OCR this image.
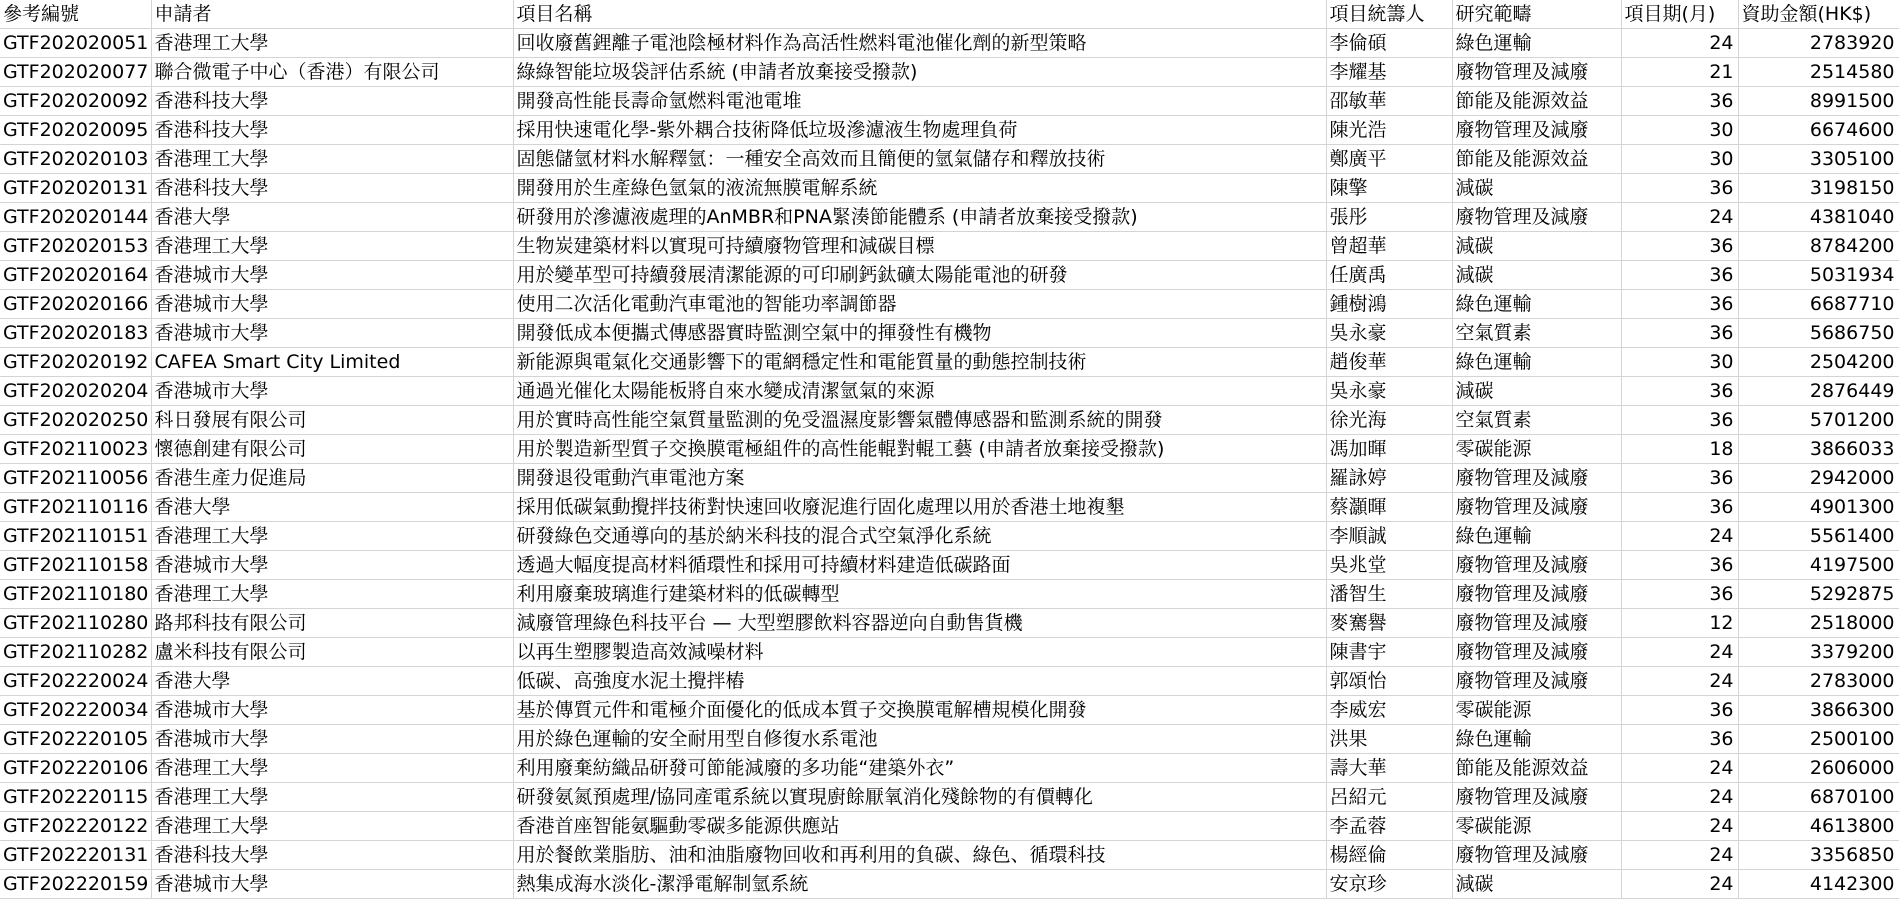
參考編號	申請者	項目名稱	項目統籌人	研究範疇	項目期(月)	資助金額(HK$)
GTF202020051	香港理工大學	回收廢舊鋰離子電池陰極材料作為高活性燃料電池催化劑的新型策略	李倫碩	綠色運輸	24	2783920
GTF202020077	聯合微電子中心（香港）有限公司	綠綠智能垃圾袋評估系統 (申請者放棄接受撥款)	李耀基	廢物管理及減廢	21	2514580
GTF202020092	香港科技大學	開發高性能長壽命氫燃料電池電堆	邵敏華	節能及能源效益	36	8991500
GTF202020095	香港科技大學	採用快速電化學-紫外耦合技術降低垃圾滲濾液生物處理負荷	陳光浩	廢物管理及減廢	30	6674600
GTF202020103	香港理工大學	固態儲氫材料水解釋氫：一種安全高效而且簡便的氫氣儲存和釋放技術	鄭廣平	節能及能源效益	30	3305100
GTF202020131	香港科技大學	開發用於生產綠色氫氣的液流無膜電解系統	陳擎	減碳	36	3198150
GTF202020144	香港大學	研發用於滲濾液處理的AnMBR和PNA緊湊節能體系 (申請者放棄接受撥款)	張彤	廢物管理及減廢	24	4381040
GTF202020153	香港理工大學	生物炭建築材料以實現可持續廢物管理和減碳目標	曾超華	減碳	36	8784200
GTF202020164	香港城市大學	用於變革型可持續發展清潔能源的可印刷鈣鈦礦太陽能電池的研發	任廣禹	減碳	36	5031934
GTF202020166	香港城市大學	使用二次活化電動汽車電池的智能功率調節器	鍾樹鴻	綠色運輸	36	6687710
GTF202020183	香港城市大學	開發低成本便攜式傳感器實時監測空氣中的揮發性有機物	吳永豪	空氣質素	36	5686750
GTF202020192	CAFEA Smart City Limited	新能源與電氣化交通影響下的電網穩定性和電能質量的動態控制技術	趙俊華	綠色運輸	30	2504200
GTF202020204	香港城市大學	通過光催化太陽能板將自來水變成清潔氫氣的來源	吳永豪	減碳	36	2876449
GTF202020250	科日發展有限公司	用於實時高性能空氣質量監測的免受溫濕度影響氣體傳感器和監測系統的開發	徐光海	空氣質素	36	5701200
GTF202110023	懷德創建有限公司	用於製造新型質子交換膜電極組件的高性能輥對輥工藝 (申請者放棄接受撥款)	馮加暉	零碳能源	18	3866033
GTF202110056	香港生產力促進局	開發退役電動汽車電池方案	羅詠婷	廢物管理及減廢	36	2942000
GTF202110116	香港大學	採用低碳氣動攪拌技術對快速回收廢泥進行固化處理以用於香港土地複墾	蔡灝暉	廢物管理及減廢	36	4901300
GTF202110151	香港理工大學	研發綠色交通導向的基於納米科技的混合式空氣淨化系統	李順誠	綠色運輸	24	5561400
GTF202110158	香港城市大學	透過大幅度提高材料循環性和採用可持續材料建造低碳路面	吳兆堂	廢物管理及減廢	36	4197500
GTF202110180	香港理工大學	利用廢棄玻璃進行建築材料的低碳轉型	潘智生	廢物管理及減廢	36	5292875
GTF202110280	路邦科技有限公司	減廢管理綠色科技平台 — 大型塑膠飲料容器逆向自動售貨機	麥騫譽	廢物管理及減廢	12	2518000
GTF202110282	盧米科技有限公司	以再生塑膠製造高效減噪材料	陳書宇	廢物管理及減廢	24	3379200
GTF202220024	香港大學	低碳、高強度水泥土攪拌樁	郭頌怡	廢物管理及減廢	24	2783000
GTF202220034	香港城市大學	基於傳質元件和電極介面優化的低成本質子交換膜電解槽規模化開發	李威宏	零碳能源	36	3866300
GTF202220105	香港城市大學	用於綠色運輸的安全耐用型自修復水系電池	洪果	綠色運輸	36	2500100
GTF202220106	香港理工大學	利用廢棄紡織品研發可節能減廢的多功能“建築外衣”	壽大華	節能及能源效益	24	2606000
GTF202220115	香港理工大學	研發氨氮預處理/協同產電系統以實現廚餘厭氧消化殘餘物的有價轉化	呂紹元	廢物管理及減廢	24	6870100
GTF202220122	香港理工大學	香港首座智能氨驅動零碳多能源供應站	李孟蓉	零碳能源	24	4613800
GTF202220131	香港科技大學	用於餐飲業脂肪、油和油脂廢物回收和再利用的負碳、綠色、循環科技	楊經倫	廢物管理及減廢	24	3356850
GTF202220159	香港城市大學	熱集成海水淡化-潔淨電解制氫系統	安京珍	減碳	24	4142300
